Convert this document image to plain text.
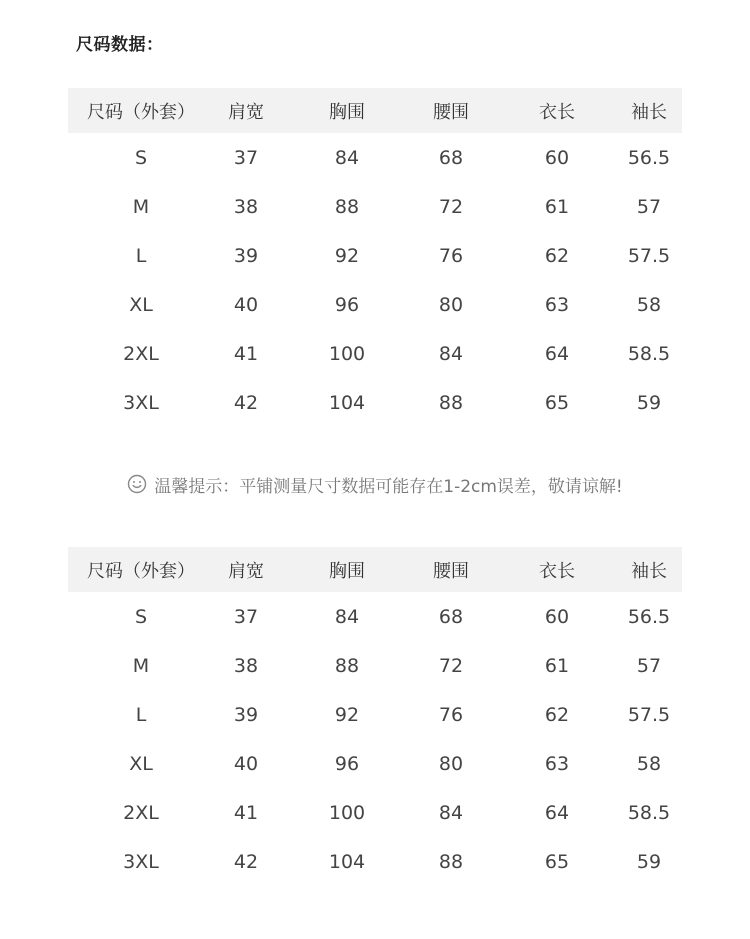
尺码数据：
尺码（外套）	肩宽	胸围	腰围	衣长	袖长
S	37	84	68	60	56.5
M	38	88	72	61	57
L	39	92	76	62	57.5
XL	40	96	80	63	58
2XL	41	100	84	64	58.5
3XL	42	104	88	65	59
温馨提示：平铺测量尺寸数据可能存在1-2cm误差，敬请谅解!
尺码（外套）	肩宽	胸围	腰围	衣长	袖长
S	37	84	68	60	56.5
M	38	88	72	61	57
L	39	92	76	62	57.5
XL	40	96	80	63	58
2XL	41	100	84	64	58.5
3XL	42	104	88	65	59
